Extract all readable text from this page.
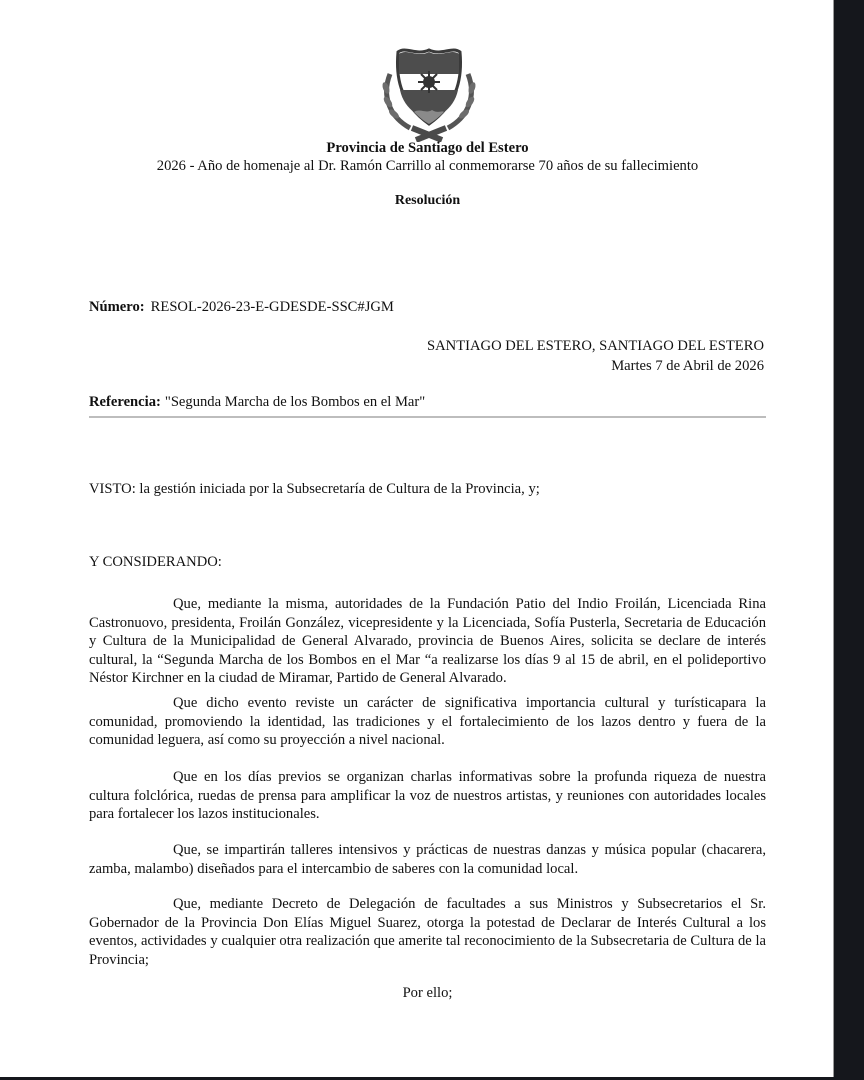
Provincia de Santiago del Estero
2026 - Año de homenaje al Dr. Ramón Carrillo al conmemorarse 70 años de su fallecimiento
Resolución
Número: RESOL-2026-23-E-GDESDE-SSC#JGM
SANTIAGO DEL ESTERO, SANTIAGO DEL ESTERO
Martes 7 de Abril de 2026
Referencia: "Segunda Marcha de los Bombos en el Mar"
VISTO: la gestión iniciada por la Subsecretaría de Cultura de la Provincia, y;
Y CONSIDERANDO:
Que, mediante la misma, autoridades de la Fundación Patio del Indio Froilán, Licenciada Rina Castronuovo, presidenta, Froilán González, vicepresidente y la Licenciada, Sofía Pusterla, Secretaria de Educación y Cultura de la Municipalidad de General Alvarado, provincia de Buenos Aires, solicita se declare de interés cultural, la “Segunda Marcha de los Bombos en el Mar “a realizarse los días 9 al 15 de abril, en el polideportivo Néstor Kirchner en la ciudad de Miramar, Partido de General Alvarado.
Que dicho evento reviste un carácter de significativa importancia cultural y turísticapara la comunidad, promoviendo la identidad, las tradiciones y el fortalecimiento de los lazos dentro y fuera de la comunidad leguera, así como su proyección a nivel nacional.
Que en los días previos se organizan charlas informativas sobre la profunda riqueza de nuestra cultura folclórica, ruedas de prensa para amplificar la voz de nuestros artistas, y reuniones con autoridades locales para fortalecer los lazos institucionales.
Que, se impartirán talleres intensivos y prácticas de nuestras danzas y música popular (chacarera, zamba, malambo) diseñados para el intercambio de saberes con la comunidad local.
Que, mediante Decreto de Delegación de facultades a sus Ministros y Subsecretarios el Sr. Gobernador de la Provincia Don Elías Miguel Suarez, otorga la potestad de Declarar de Interés Cultural a los eventos, actividades y cualquier otra realización que amerite tal reconocimiento de la Subsecretaria de Cultura de la Provincia;
Por ello;
